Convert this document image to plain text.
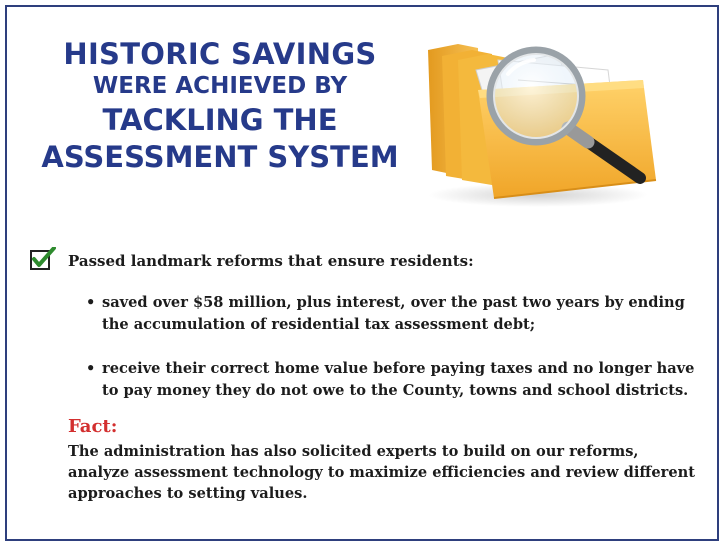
HISTORIC SAVINGS
WERE ACHIEVED BY
TACKLING THE
ASSESSMENT SYSTEM
Passed landmark reforms that ensure residents:
• saved over $58 million, plus interest, over the past two years by ending the accumulation of residential tax assessment debt;
• receive their correct home value before paying taxes and no longer have to pay money they do not owe to the County, towns and school districts.
Fact:
The administration has also solicited experts to build on our reforms, analyze assessment technology to maximize efficiencies and review different approaches to setting values.
